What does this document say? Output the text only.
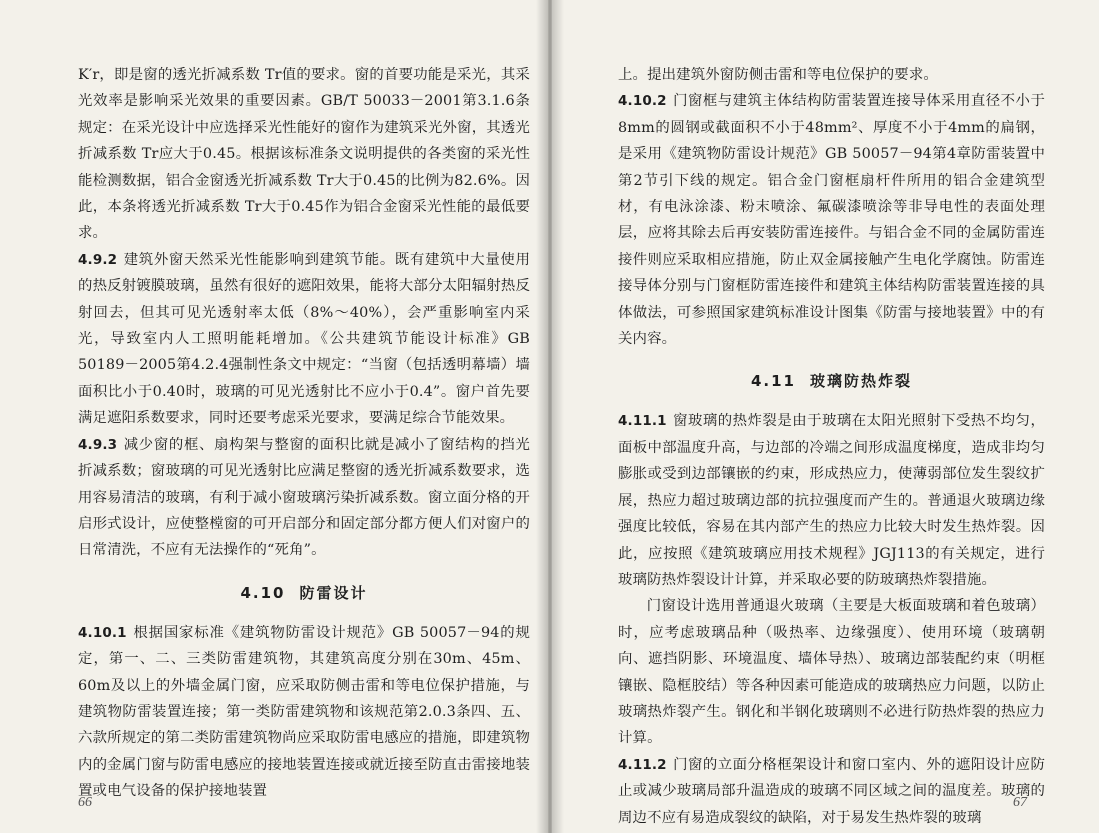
K′r，即是窗的透光折减系数 Tr值的要求。窗的首要功能是采光，其采光效率是影响采光效果的重要因素。GB/T 50033－2001第3.1.6条规定：在采光设计中应选择采光性能好的窗作为建筑采光外窗，其透光折减系数 Tr应大于0.45。根据该标准条文说明提供的各类窗的采光性能检测数据，铝合金窗透光折减系数 Tr大于0.45的比例为82.6%。因此，本条将透光折减系数 Tr大于0.45作为铝合金窗采光性能的最低要求。

4.9.2 建筑外窗天然采光性能影响到建筑节能。既有建筑中大量使用的热反射镀膜玻璃，虽然有很好的遮阳效果，能将大部分太阳辐射热反射回去，但其可见光透射率太低（8%～40%），会严重影响室内采光，导致室内人工照明能耗增加。《公共建筑节能设计标准》GB 50189－2005第4.2.4强制性条文中规定：“当窗（包括透明幕墙）墙面积比小于0.40时，玻璃的可见光透射比不应小于0.4”。窗户首先要满足遮阳系数要求，同时还要考虑采光要求，要满足综合节能效果。

4.9.3 减少窗的框、扇构架与整窗的面积比就是减小了窗结构的挡光折减系数；窗玻璃的可见光透射比应满足整窗的透光折减系数要求，选用容易清洁的玻璃，有利于减小窗玻璃污染折减系数。窗立面分格的开启形式设计，应使整樘窗的可开启部分和固定部分都方便人们对窗户的日常清洗，不应有无法操作的“死角”。

4.10 防雷设计

4.10.1 根据国家标准《建筑物防雷设计规范》GB 50057－94的规定，第一、二、三类防雷建筑物，其建筑高度分别在30m、45m、60m及以上的外墙金属门窗，应采取防侧击雷和等电位保护措施，与建筑物防雷装置连接；第一类防雷建筑物和该规范第2.0.3条四、五、六款所规定的第二类防雷建筑物尚应采取防雷电感应的措施，即建筑物内的金属门窗与防雷电感应的接地装置连接或就近接至防直击雷接地装置或电气设备的保护接地装置

66

上。提出建筑外窗防侧击雷和等电位保护的要求。

4.10.2 门窗框与建筑主体结构防雷装置连接导体采用直径不小于8mm的圆钢或截面积不小于48mm²、厚度不小于4mm的扁钢，是采用《建筑物防雷设计规范》GB 50057－94第4章防雷装置中第2节引下线的规定。铝合金门窗框扇杆件所用的铝合金建筑型材，有电泳涂漆、粉末喷涂、氟碳漆喷涂等非导电性的表面处理层，应将其除去后再安装防雷连接件。与铝合金不同的金属防雷连接件则应采取相应措施，防止双金属接触产生电化学腐蚀。防雷连接导体分别与门窗框防雷连接件和建筑主体结构防雷装置连接的具体做法，可参照国家建筑标准设计图集《防雷与接地装置》中的有关内容。

4.11 玻璃防热炸裂

4.11.1 窗玻璃的热炸裂是由于玻璃在太阳光照射下受热不均匀，面板中部温度升高，与边部的冷端之间形成温度梯度，造成非均匀膨胀或受到边部镶嵌的约束，形成热应力，使薄弱部位发生裂纹扩展，热应力超过玻璃边部的抗拉强度而产生的。普通退火玻璃边缘强度比较低，容易在其内部产生的热应力比较大时发生热炸裂。因此，应按照《建筑玻璃应用技术规程》JGJ113的有关规定，进行玻璃防热炸裂设计计算，并采取必要的防玻璃热炸裂措施。

门窗设计选用普通退火玻璃（主要是大板面玻璃和着色玻璃）时，应考虑玻璃品种（吸热率、边缘强度）、使用环境（玻璃朝向、遮挡阴影、环境温度、墙体导热）、玻璃边部装配约束（明框镶嵌、隐框胶结）等各种因素可能造成的玻璃热应力问题，以防止玻璃热炸裂产生。钢化和半钢化玻璃则不必进行防热炸裂的热应力计算。

4.11.2 门窗的立面分格框架设计和窗口室内、外的遮阳设计应防止或减少玻璃局部升温造成的玻璃不同区域之间的温度差。玻璃的周边不应有易造成裂纹的缺陷，对于易发生热炸裂的玻璃

67
